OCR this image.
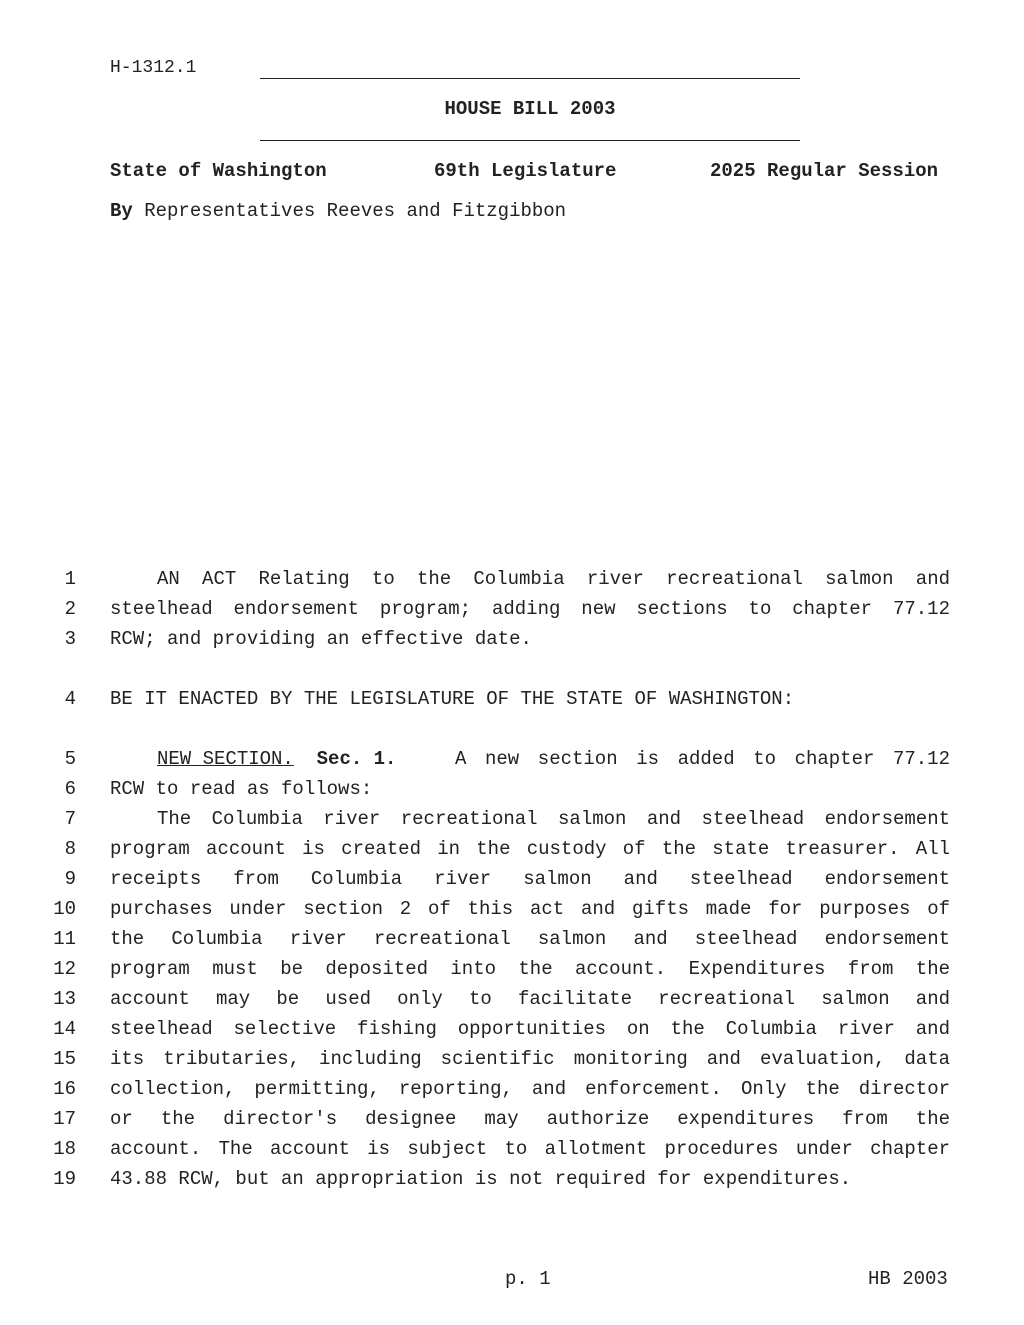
H-1312.1
HOUSE BILL 2003
State of Washington	69th Legislature	2025 Regular Session
By Representatives Reeves and Fitzgibbon
1	AN ACT Relating to the Columbia river recreational salmon and
2 steelhead endorsement program; adding new sections to chapter 77.12
3 RCW; and providing an effective date.
4 BE IT ENACTED BY THE LEGISLATURE OF THE STATE OF WASHINGTON:
5	NEW SECTION. Sec. 1.	A new section is added to chapter 77.12
6 RCW to read as follows:
7	The Columbia river recreational salmon and steelhead endorsement
8 program account is created in the custody of the state treasurer. All
9 receipts from Columbia river salmon and steelhead endorsement
10 purchases under section 2 of this act and gifts made for purposes of
11 the Columbia river recreational salmon and steelhead endorsement
12 program must be deposited into the account. Expenditures from the
13 account may be used only to facilitate recreational salmon and
14 steelhead selective fishing opportunities on the Columbia river and
15 its tributaries, including scientific monitoring and evaluation, data
16 collection, permitting, reporting, and enforcement. Only the director
17 or the director's designee may authorize expenditures from the
18 account. The account is subject to allotment procedures under chapter
19 43.88 RCW, but an appropriation is not required for expenditures.
p. 1	HB 2003
